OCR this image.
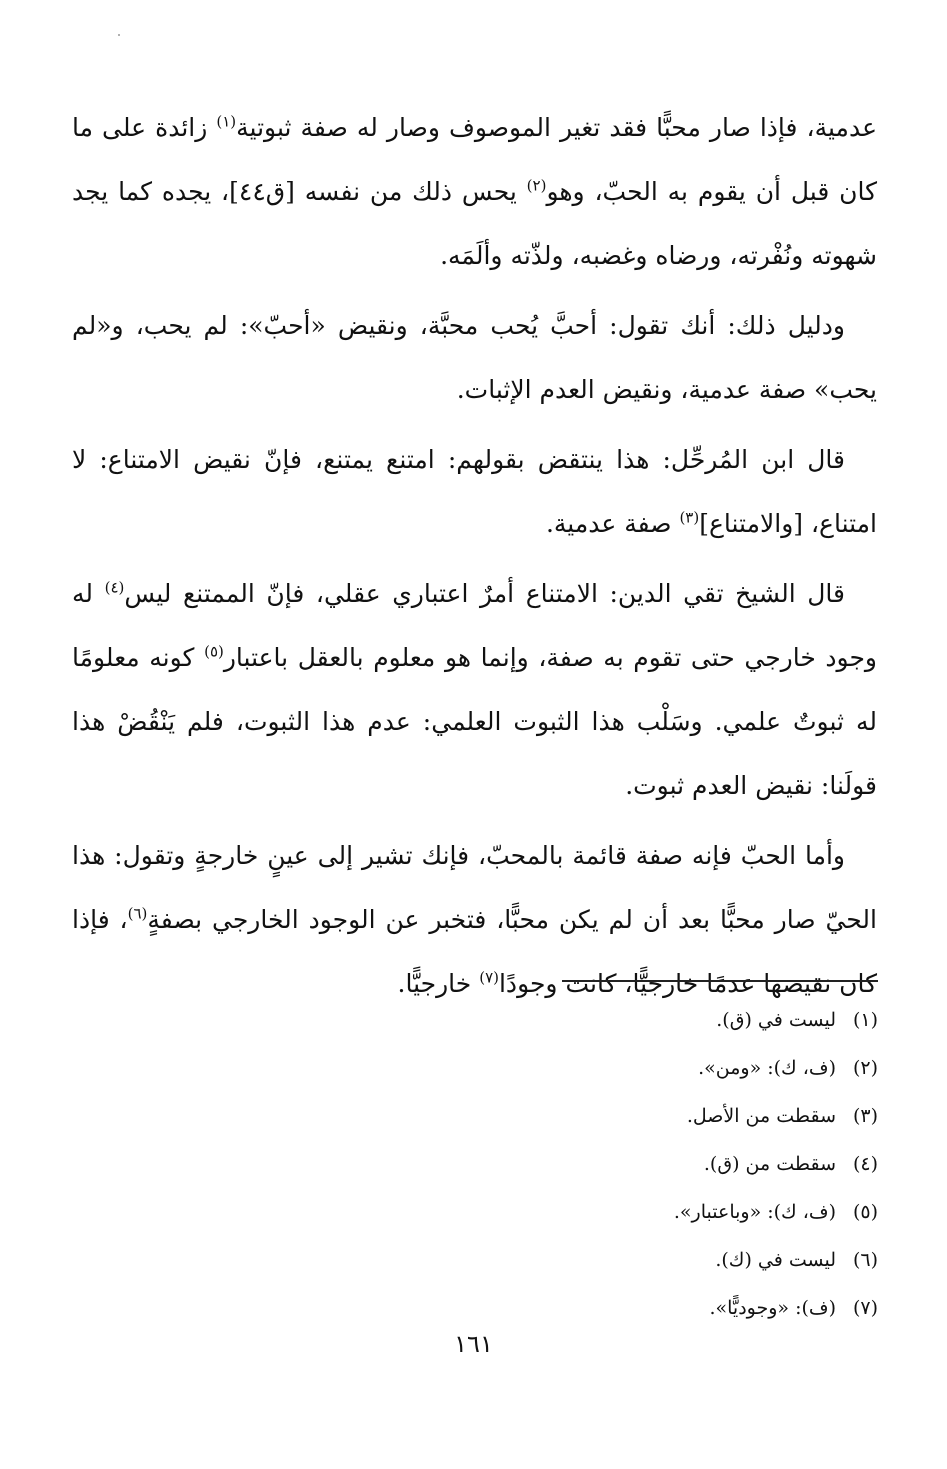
عدمية، فإذا صار محبًّا فقد تغير الموصوف وصار له صفة ثبوتية$^{(١)}$ زائدة على ما كان قبل أن يقوم به الحبّ، وهو$^{(٢)}$ يحس ذلك من نفسه [ق٤٤]، يجده كما يجد شهوته ونُفْرته، ورضاه وغضبه، ولذّته وألَمَه.

ودليل ذلك: أنك تقول: أحبَّ يُحب محبَّة، ونقيض «أحبّ»: لم يحب، و«لم يحب» صفة عدمية، ونقيض العدم الإثبات.

قال ابن المُرحِّل: هذا ينتقض بقولهم: امتنع يمتنع، فإنّ نقيض الامتناع: لا امتناع، [والامتناع]$^{(٣)}$ صفة عدمية.

قال الشيخ تقي الدين: الامتناع أمرٌ اعتباري عقلي، فإنّ الممتنع ليس$^{(٤)}$ له وجود خارجي حتى تقوم به صفة، وإنما هو معلوم بالعقل باعتبار$^{(٥)}$ كونه معلومًا له ثبوتٌ علمي. وسَلْب هذا الثبوت العلمي: عدم هذا الثبوت، فلم يَنْقُضْ هذا قولَنا: نقيض العدم ثبوت.

وأما الحبّ فإنه صفة قائمة بالمحبّ، فإنك تشير إلى عينٍ خارجةٍ وتقول: هذا الحيّ صار محبًّا بعد أن لم يكن محبًّا، فتخبر عن الوجود الخارجي بصفةٍ$^{(٦)}$، فإذا كان نقيضها عدمًا خارجيًّا، كانت وجودًا$^{(٧)}$ خارجيًّا.

(١)ليست في (ق).
(٢)(ف، ك): «ومن».
(٣)سقطت من الأصل.
(٤)سقطت من (ق).
(٥)(ف، ك): «وباعتبار».
(٦)ليست في (ك).
(٧)(ف): «وجوديًّا».
١٦١
